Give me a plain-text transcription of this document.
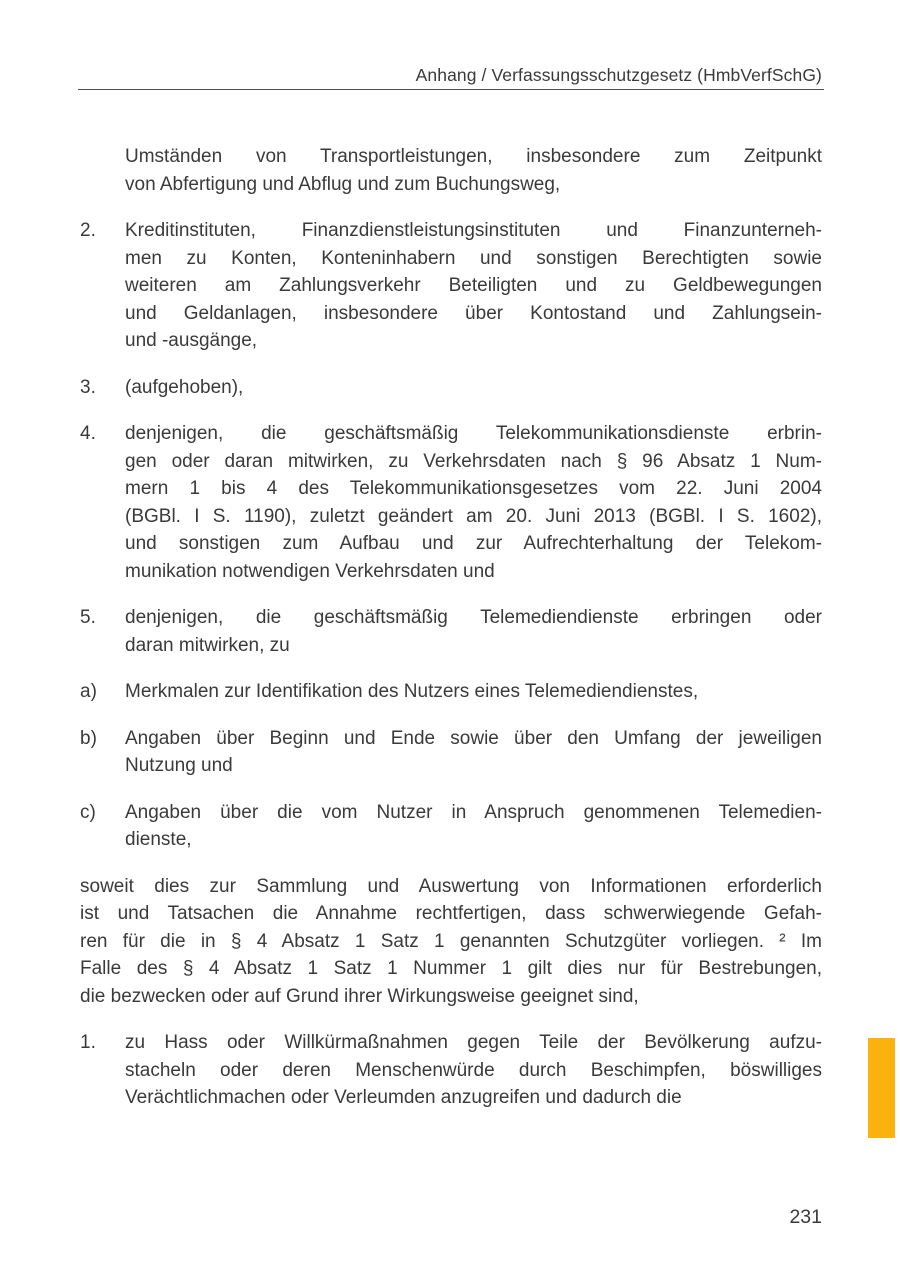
Anhang / Verfassungsschutzgesetz (HmbVerfSchG)
Umständen von Transportleistungen, insbesondere zum Zeitpunkt
von Abfertigung und Abflug und zum Buchungsweg,
2.	Kreditinstituten, Finanzdienstleistungsinstituten und Finanzunterneh-
men zu Konten, Konteninhabern und sonstigen Berechtigten sowie
weiteren am Zahlungsverkehr Beteiligten und zu Geldbewegungen
und Geldanlagen, insbesondere über Kontostand und Zahlungsein-
und -ausgänge,
3.	(aufgehoben),
4.	denjenigen, die geschäftsmäßig Telekommunikationsdienste erbrin-
gen oder daran mitwirken, zu Verkehrsdaten nach § 96 Absatz 1 Num-
mern 1 bis 4 des Telekommunikationsgesetzes vom 22. Juni 2004
(BGBl. I S. 1190), zuletzt geändert am 20. Juni 2013 (BGBl. I S. 1602),
und sonstigen zum Aufbau und zur Aufrechterhaltung der Telekom-
munikation notwendigen Verkehrsdaten und
5.	denjenigen, die geschäftsmäßig Telemediendienste erbringen oder
daran mitwirken, zu
a)	Merkmalen zur Identifikation des Nutzers eines Telemediendienstes,
b)	Angaben über Beginn und Ende sowie über den Umfang der jeweiligen
Nutzung und
c)	Angaben über die vom Nutzer in Anspruch genommenen Telemedien-
dienste,
soweit dies zur Sammlung und Auswertung von Informationen erforderlich
ist und Tatsachen die Annahme rechtfertigen, dass schwerwiegende Gefah-
ren für die in § 4 Absatz 1 Satz 1 genannten Schutzgüter vorliegen. ² Im
Falle des § 4 Absatz 1 Satz 1 Nummer 1 gilt dies nur für Bestrebungen,
die bezwecken oder auf Grund ihrer Wirkungsweise geeignet sind,
1.	zu Hass oder Willkürmaßnahmen gegen Teile der Bevölkerung aufzu-
stacheln oder deren Menschenwürde durch Beschimpfen, böswilliges
Verächtlichmachen oder Verleumden anzugreifen und dadurch die
231
